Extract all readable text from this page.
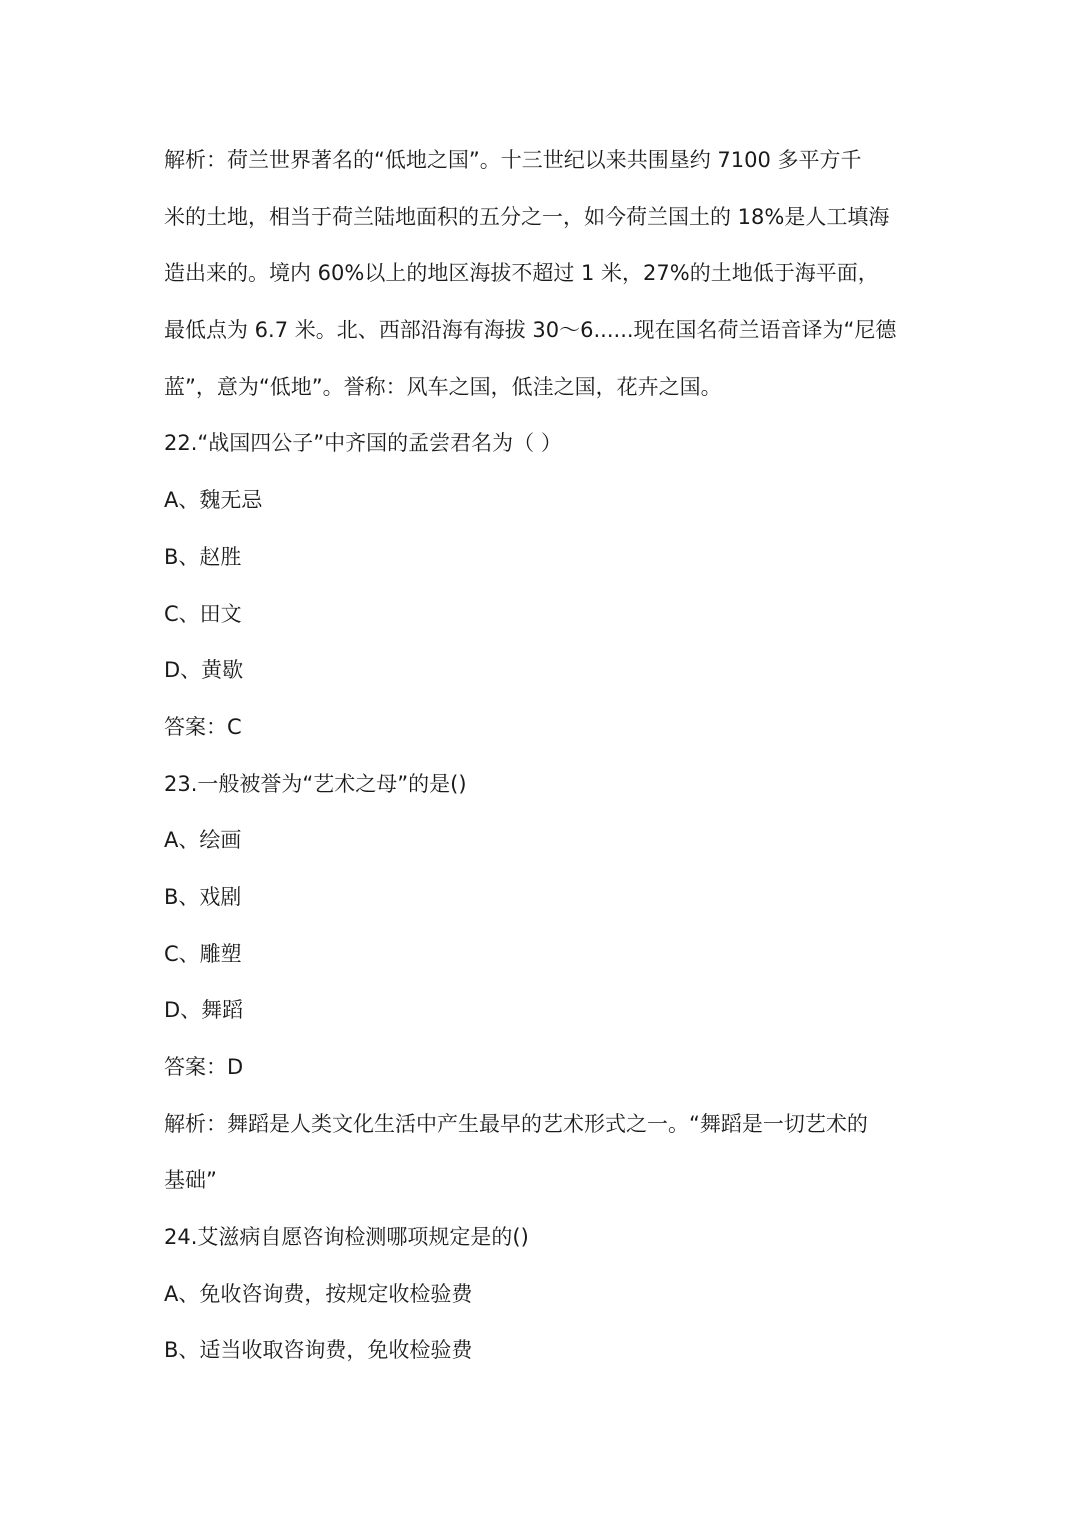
解析：荷兰世界著名的“低地之国”。十三世纪以来共围垦约 7100 多平方千
米的土地，相当于荷兰陆地面积的五分之一，如今荷兰国土的 18%是人工填海
造出来的。境内 60%以上的地区海拔不超过 1 米，27%的土地低于海平面，
最低点为 6.7 米。北、西部沿海有海拔 30～6......现在国名荷兰语音译为“尼德
蓝”，意为“低地”。誉称：风车之国，低洼之国，花卉之国。
22.“战国四公子”中齐国的孟尝君名为（ ）
A、魏无忌
B、赵胜
C、田文
D、黄歇
答案：C
23.一般被誉为“艺术之母”的是()
A、绘画
B、戏剧
C、雕塑
D、舞蹈
答案：D
解析：舞蹈是人类文化生活中产生最早的艺术形式之一。“舞蹈是一切艺术的
基础”
24.艾滋病自愿咨询检测哪项规定是的()
A、免收咨询费，按规定收检验费
B、适当收取咨询费，免收检验费
